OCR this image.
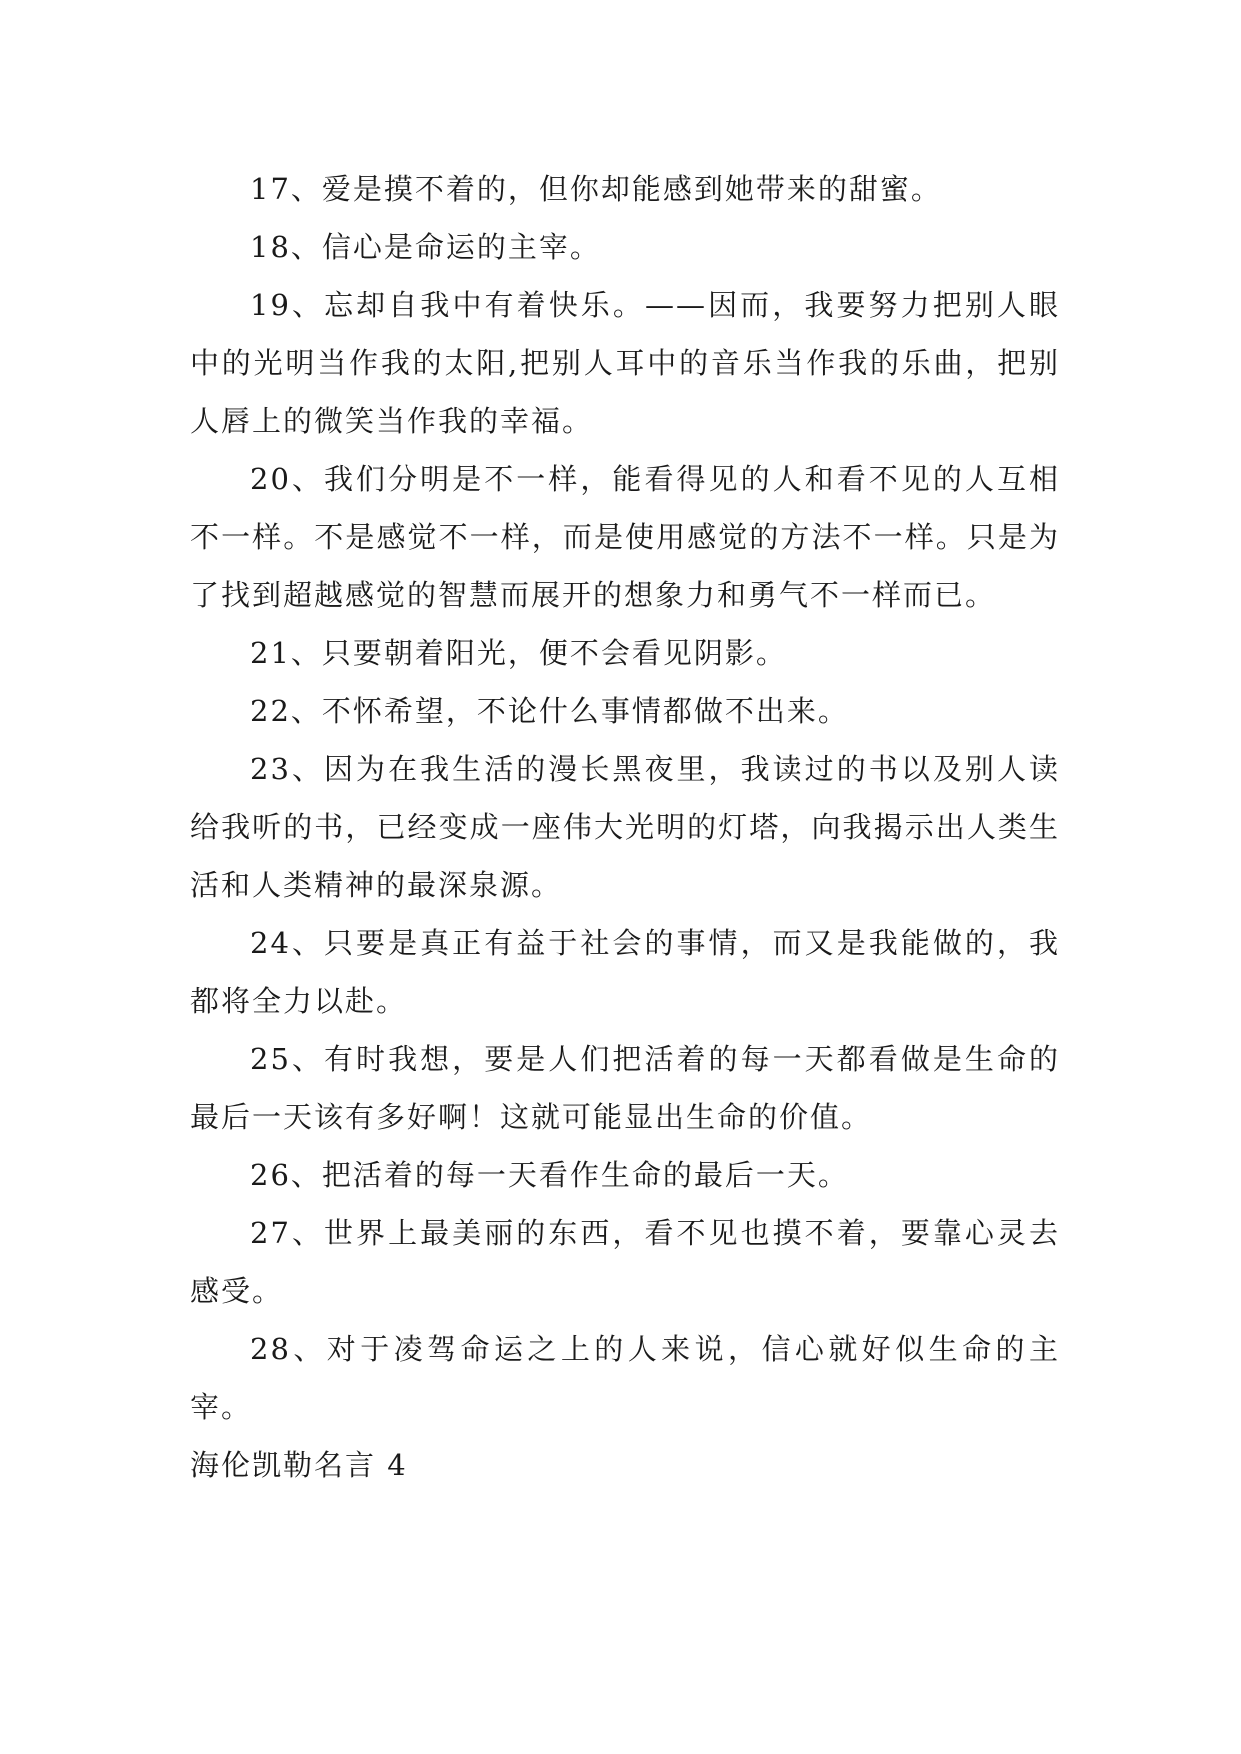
17、爱是摸不着的，但你却能感到她带来的甜蜜。

18、信心是命运的主宰。

19、忘却自我中有着快乐。——因而，我要努力把别人眼中的光明当作我的太阳,把别人耳中的音乐当作我的乐曲，把别人唇上的微笑当作我的幸福。

20、我们分明是不一样，能看得见的人和看不见的人互相不一样。不是感觉不一样，而是使用感觉的方法不一样。只是为了找到超越感觉的智慧而展开的想象力和勇气不一样而已。

21、只要朝着阳光，便不会看见阴影。

22、不怀希望，不论什么事情都做不出来。

23、因为在我生活的漫长黑夜里，我读过的书以及别人读给我听的书，已经变成一座伟大光明的灯塔，向我揭示出人类生活和人类精神的最深泉源。

24、只要是真正有益于社会的事情，而又是我能做的，我都将全力以赴。

25、有时我想，要是人们把活着的每一天都看做是生命的最后一天该有多好啊！这就可能显出生命的价值。

26、把活着的每一天看作生命的最后一天。

27、世界上最美丽的东西，看不见也摸不着，要靠心灵去感受。

28、对于凌驾命运之上的人来说，信心就好似生命的主宰。

海伦凯勒名言 4
